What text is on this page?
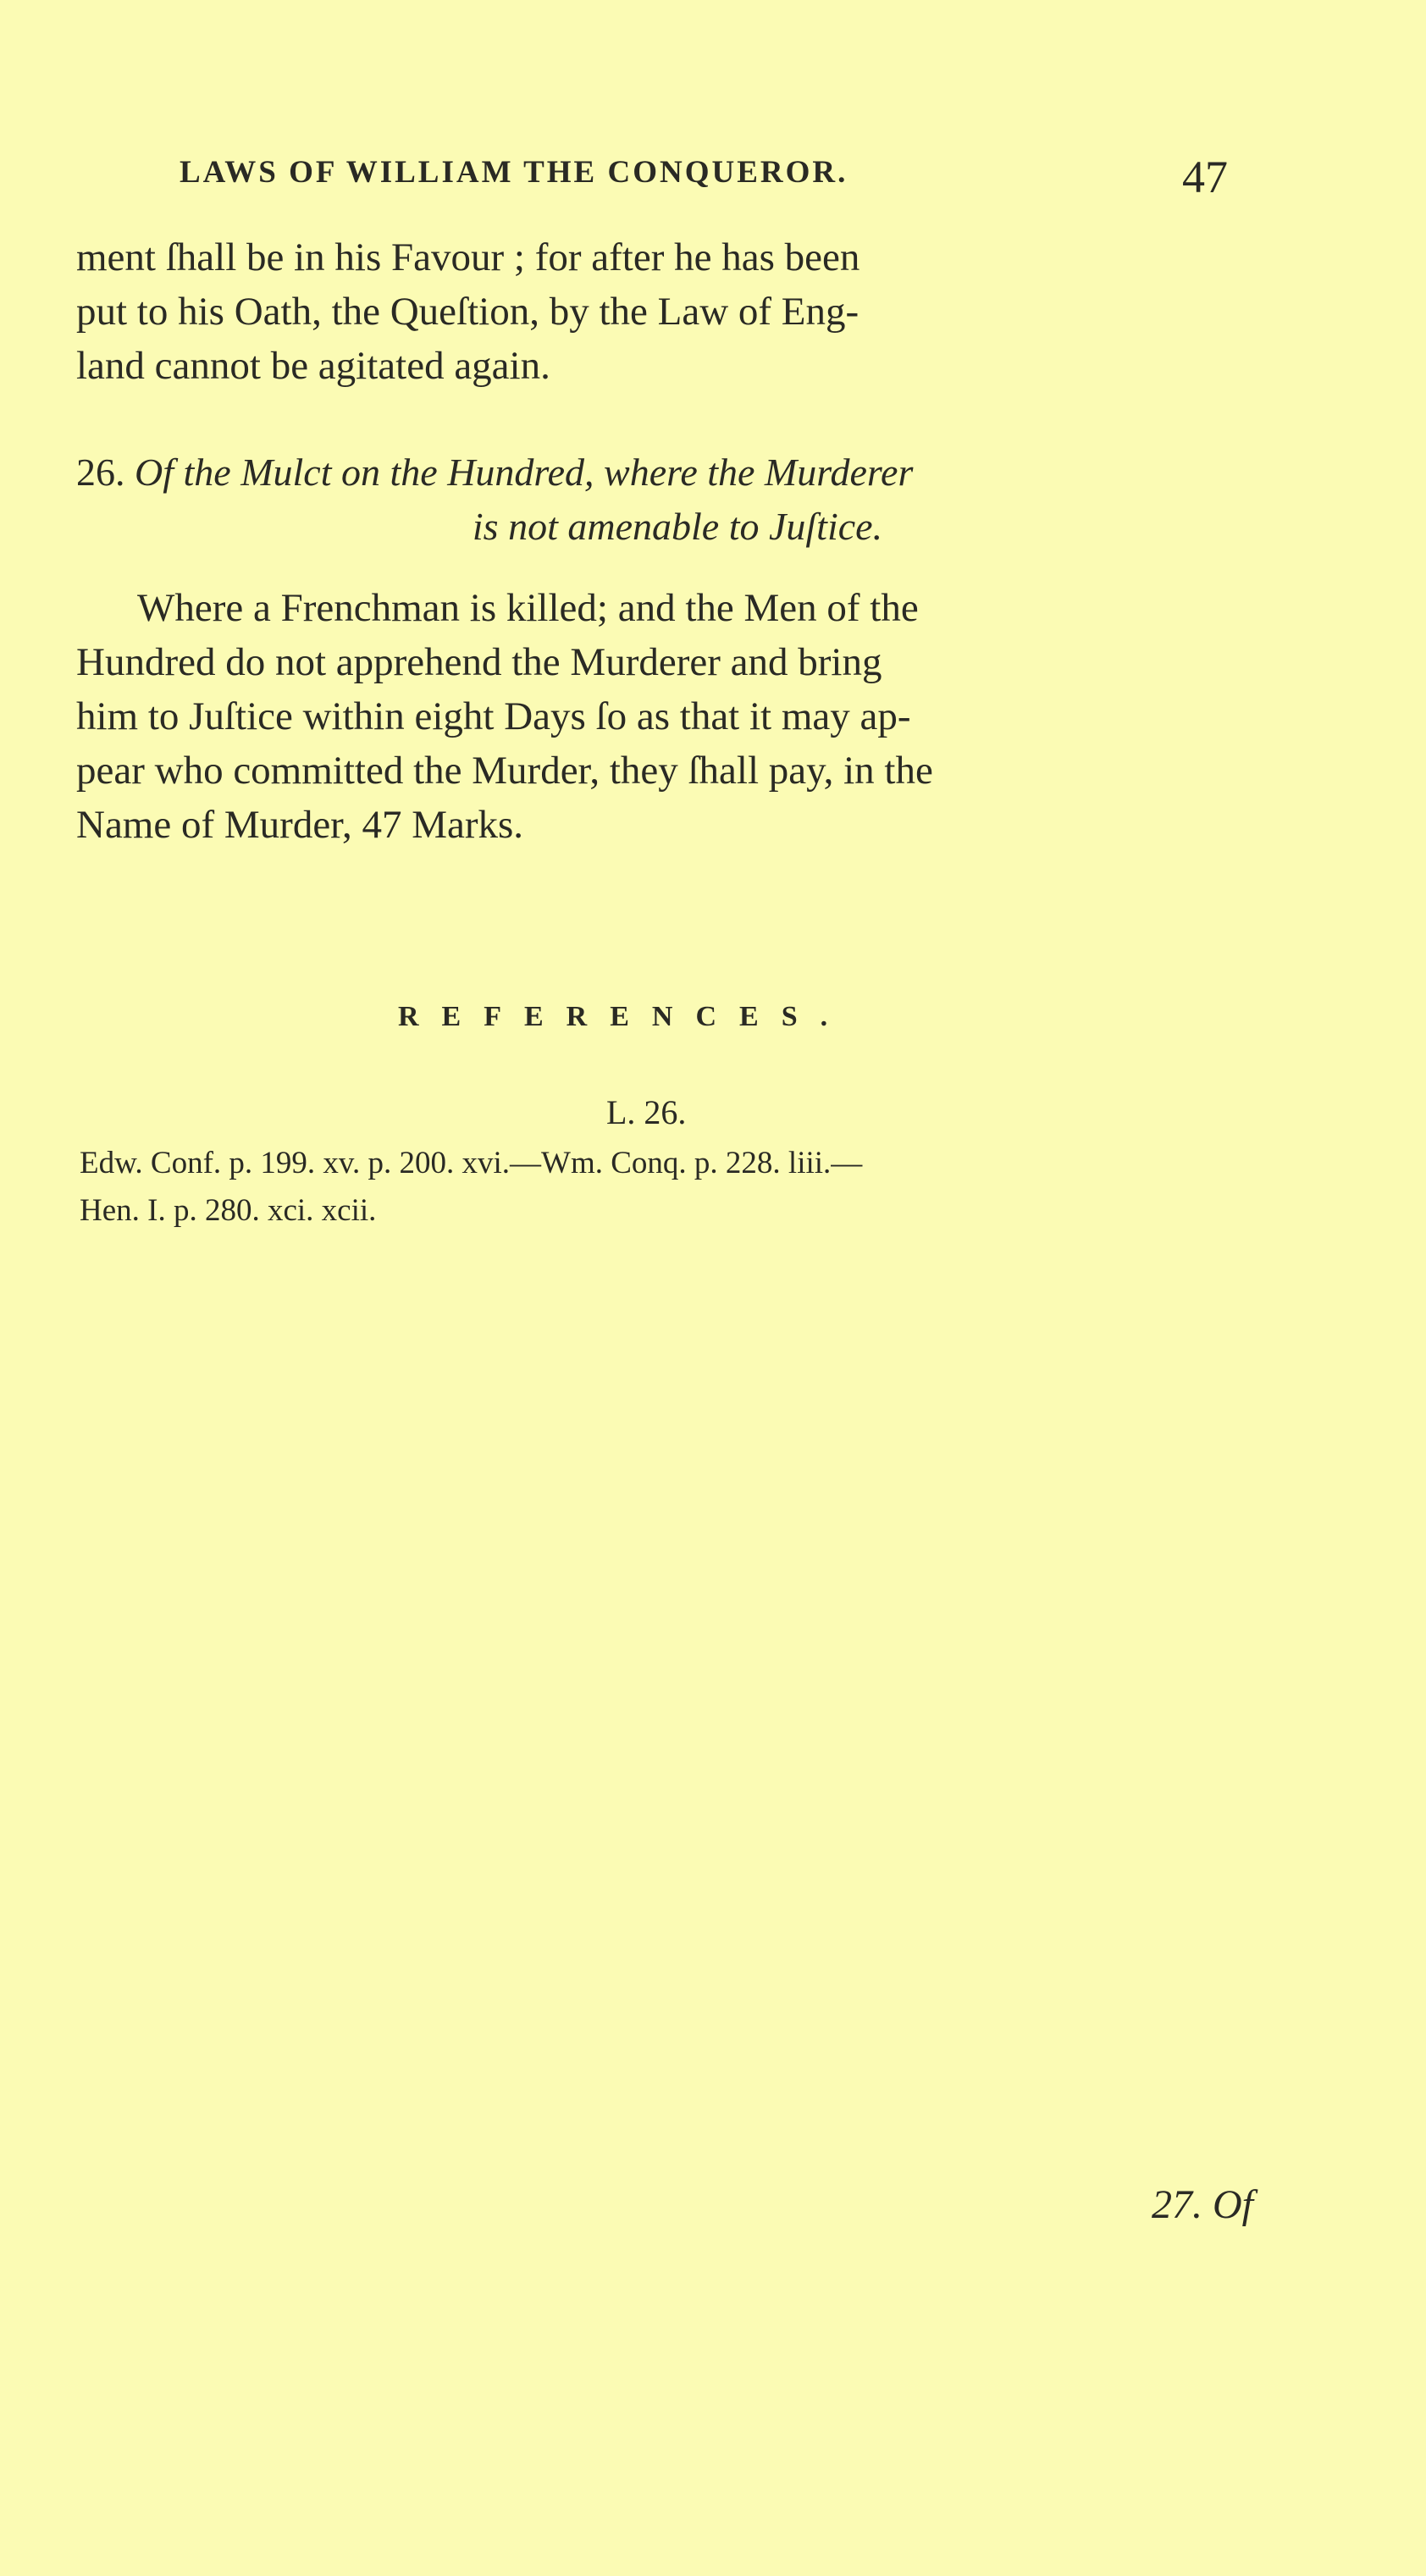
LAWS OF WILLIAM THE CONQUEROR.	47
ment ſhall be in his Favour ; for after he has been
put to his Oath, the Queſtion, by the Law of Eng-
land cannot be agitated again.
26. Of the Mulct on the Hundred, where the Murderer
is not amenable to Juſtice.
Where a Frenchman is killed; and the Men of the
Hundred do not apprehend the Murderer and bring
him to Juſtice within eight Days ſo as that it may ap-
pear who committed the Murder, they ſhall pay, in the
Name of Murder, 47 Marks.
REFERENCES.
L. 26.
Edw. Conf. p. 199. xv. p. 200. xvi.—Wm. Conq. p. 228. liii.—
Hen. I. p. 280. xci. xcii.
27. Of
